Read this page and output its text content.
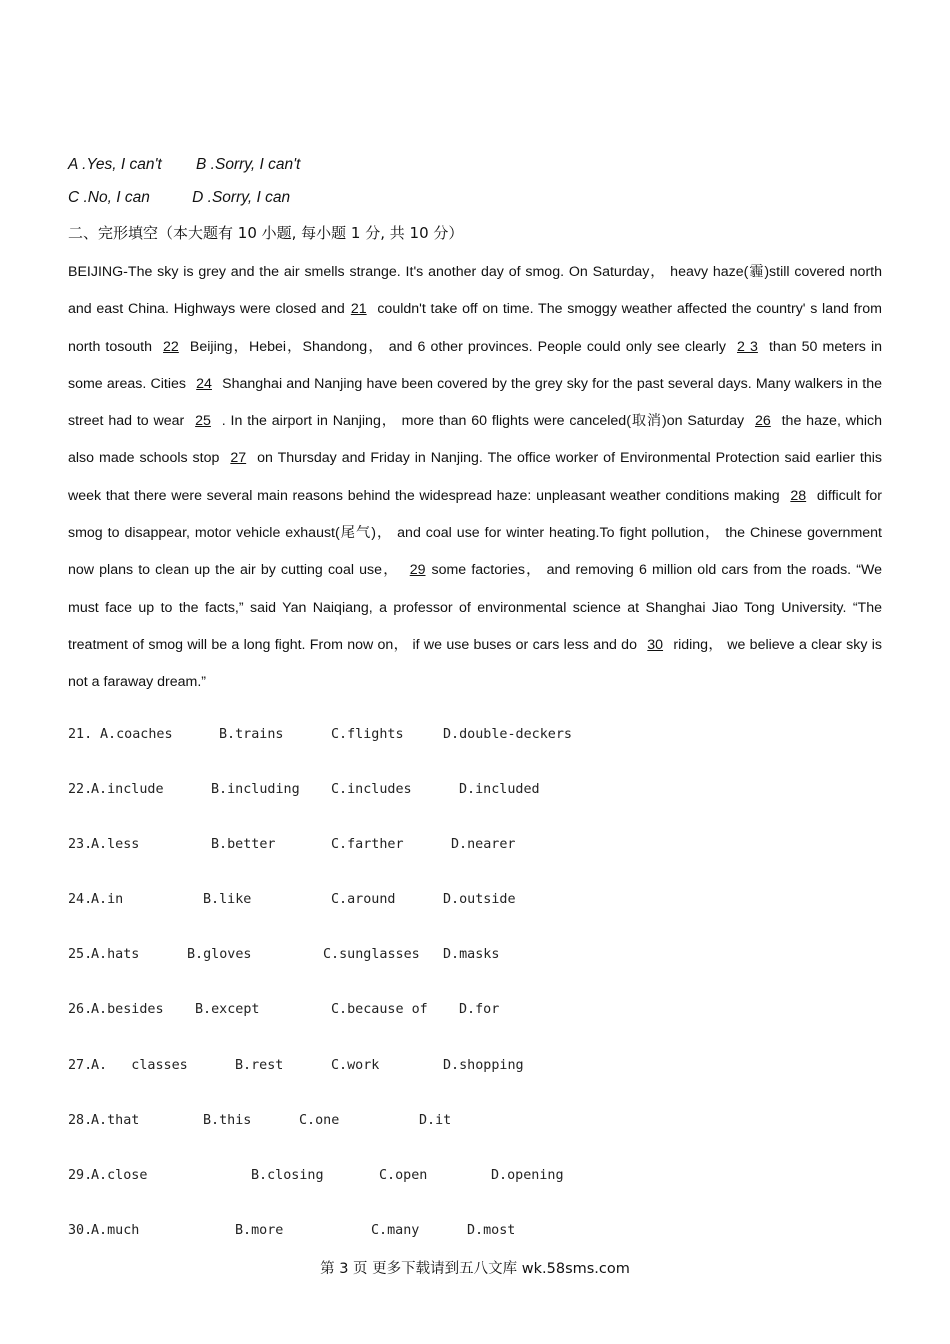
A .Yes, I can't B .Sorry, I can't
C .No, I can	D .Sorry, I can
二、完形填空（本大题有 10 小题, 每小题 1 分, 共 10 分）

BEIJING-The sky is grey and the air smells strange. It's another day of smog. On Saturday， heavy haze(霾)still covered north and east China. Highways were closed and 21 couldn't take off on time. The smoggy weather affected the country' s land from north tosouth 22 Beijing，Hebei，Shandong， and 6 other provinces. People could only see clearly 2 3 than 50 meters in some areas. Cities 24 Shanghai and Nanjing have been covered by the grey sky for the past several days. Many walkers in the street had to wear 25 . In the airport in Nanjing， more than 60 flights were canceled(取消)on Saturday 26 the haze, which also made schools stop 27 on Thursday and Friday in Nanjing. The office worker of Environmental Protection said earlier this week that there were several main reasons behind the widespread haze: unpleasant weather conditions making 28 difficult for smog to disappear, motor vehicle exhaust(尾气)， and coal use for winter heating.To fight pollution， the Chinese government now plans to clean up the air by cutting coal use， 29 some factories， and removing 6 million old cars from the roads. “We must face up to the facts,” said Yan Naiqiang, a professor of environmental science at Shanghai Jiao Tong University. “The treatment of smog will be a long fight. From now on， if we use buses or cars less and do 30 riding， we believe a clear sky is not a faraway dream.”

21. A.coaches	B.trains	C.flights	D.double-deckers
22.
A.include	B.including C.includes	D.included
23.
A.less	B.better	C.farther	D.nearer
24.
A.in	B.like	C.around	D.outside
25.
A.hats	B.gloves	C.sunglasses D.masks
26.
A.besides B.except	C.because of D.for
27.
A.   classes	B.rest	C.work	D.shopping
28.
A.that	B.this	C.one	D.it
29.
A.close	B.closing	C.open	D.opening
30.
A.much	B.more	C.many	D.most
第 3 页 更多下载请到五八文库 wk.58sms.com
